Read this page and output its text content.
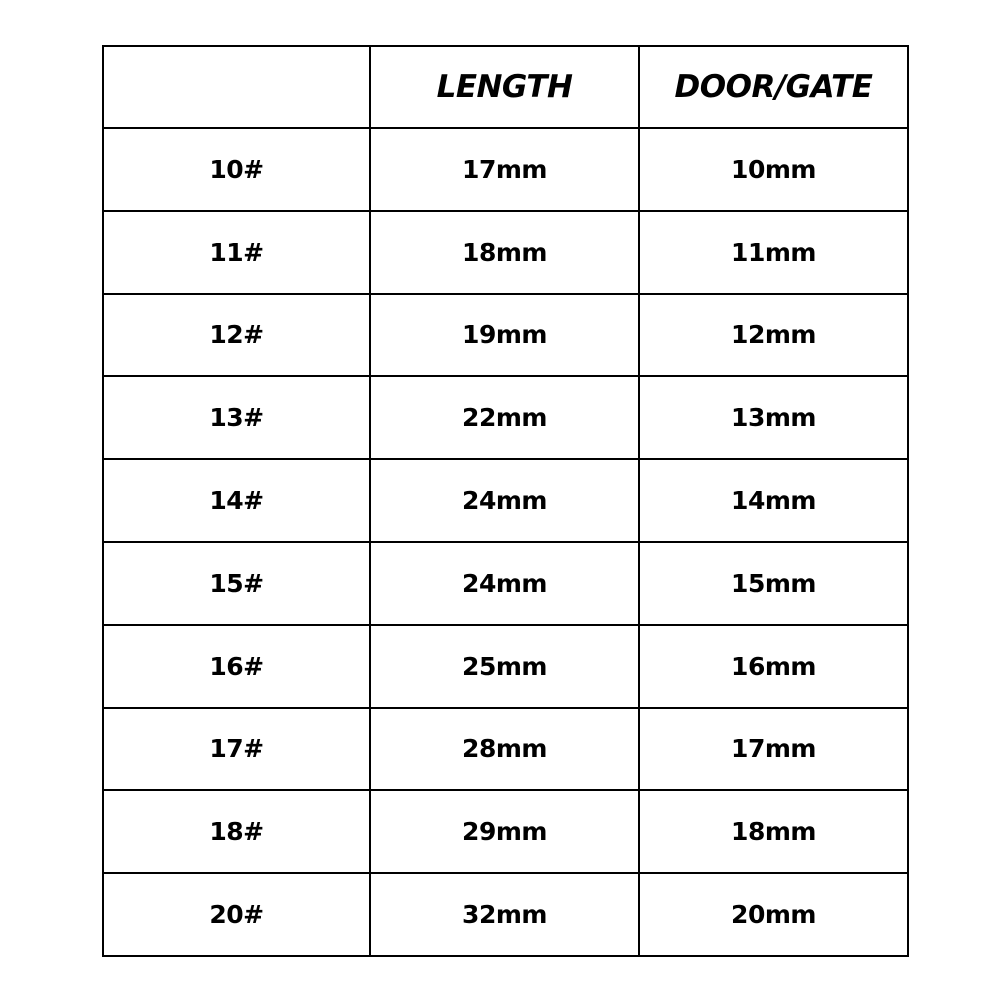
	LENGTH	DOOR/GATE
10#	17mm	10mm
11#	18mm	11mm
12#	19mm	12mm
13#	22mm	13mm
14#	24mm	14mm
15#	24mm	15mm
16#	25mm	16mm
17#	28mm	17mm
18#	29mm	18mm
20#	32mm	20mm
